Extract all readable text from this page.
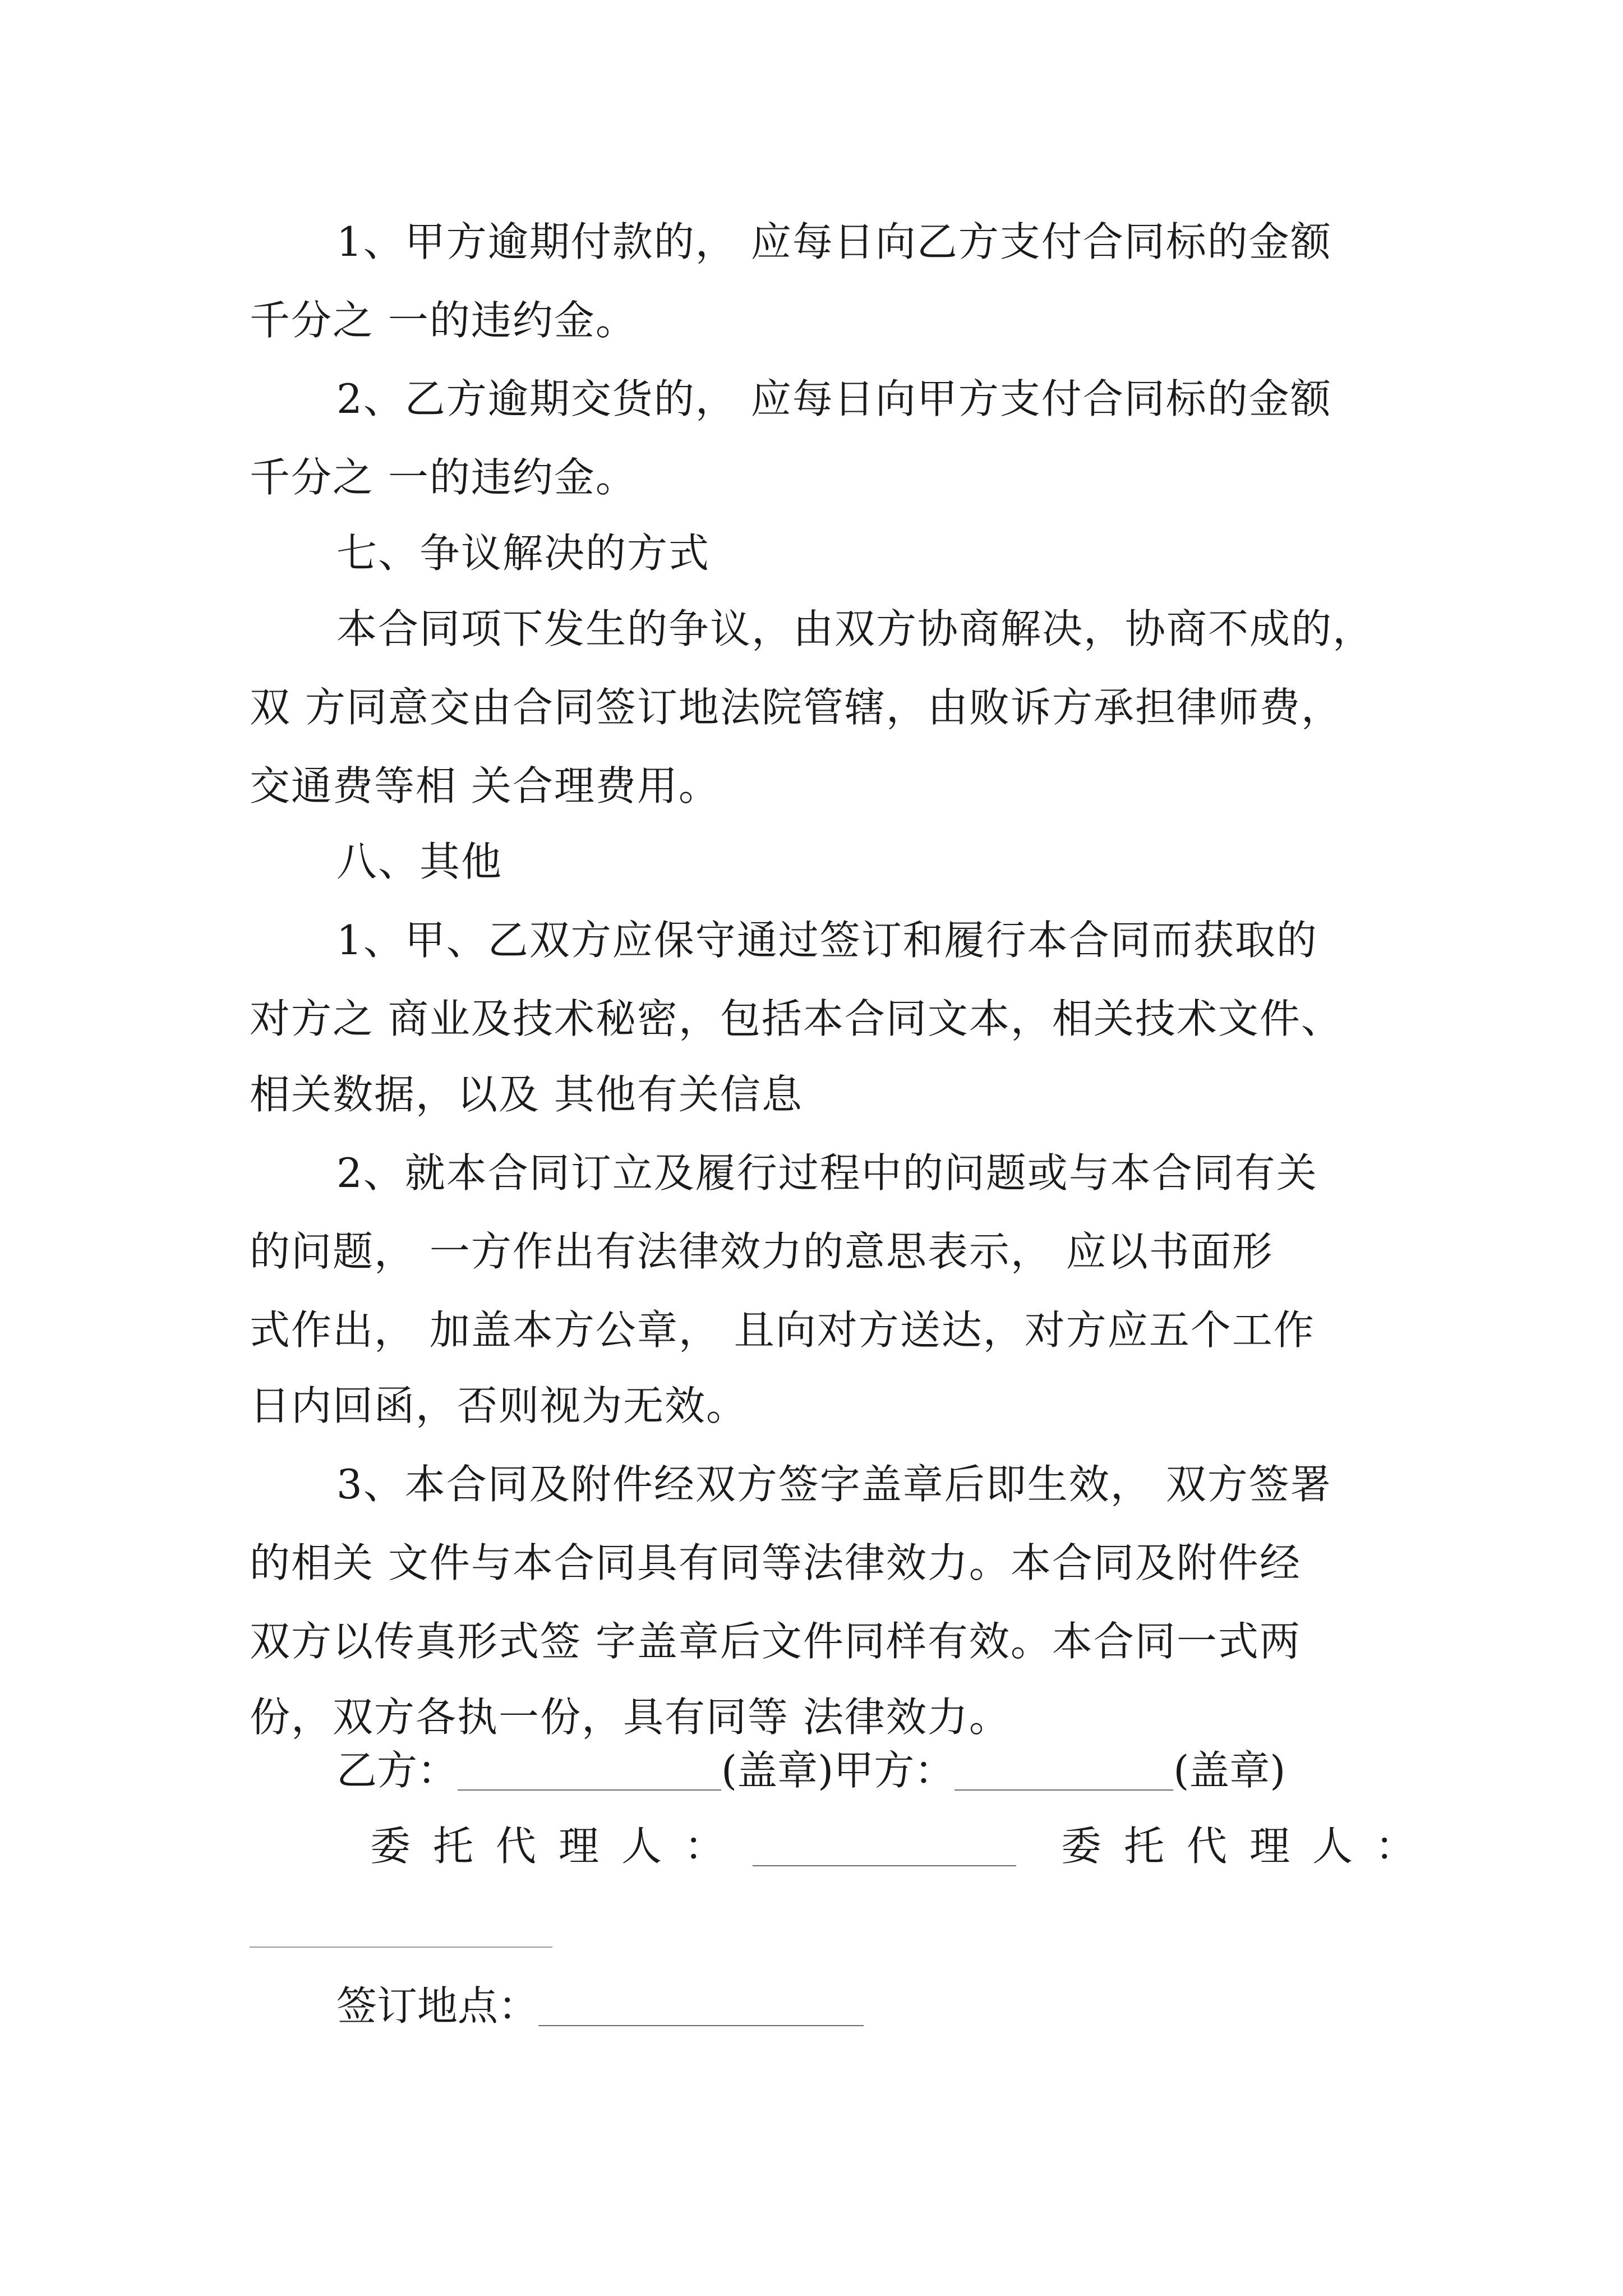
1、甲方逾期付款的， 应每日向乙方支付合同标的金额
千分之 一的违约金。
2、乙方逾期交货的， 应每日向甲方支付合同标的金额
千分之 一的违约金。
七、争议解决的方式
本合同项下发生的争议，由双方协商解决，协商不成的，
双 方同意交由合同签订地法院管辖，由败诉方承担律师费，
交通费等相 关合理费用。
八、其他
1、甲、乙双方应保守通过签订和履行本合同而获取的
对方之 商业及技术秘密，包括本合同文本，相关技术文件、
相关数据，以及 其他有关信息
2、就本合同订立及履行过程中的问题或与本合同有关
的问题， 一方作出有法律效力的意思表示， 应以书面形
式作出， 加盖本方公章， 且向对方送达，对方应五个工作
日内回函，否则视为无效。
3、本合同及附件经双方签字盖章后即生效， 双方签署
的相关 文件与本合同具有同等法律效力。本合同及附件经
双方以传真形式签 字盖章后文件同样有效。本合同一式两
份，双方各执一份，具有同等 法律效力。
乙方：	(盖章) 甲方：	(盖章)
委托代理人：	委托代理人：
签订地点：
